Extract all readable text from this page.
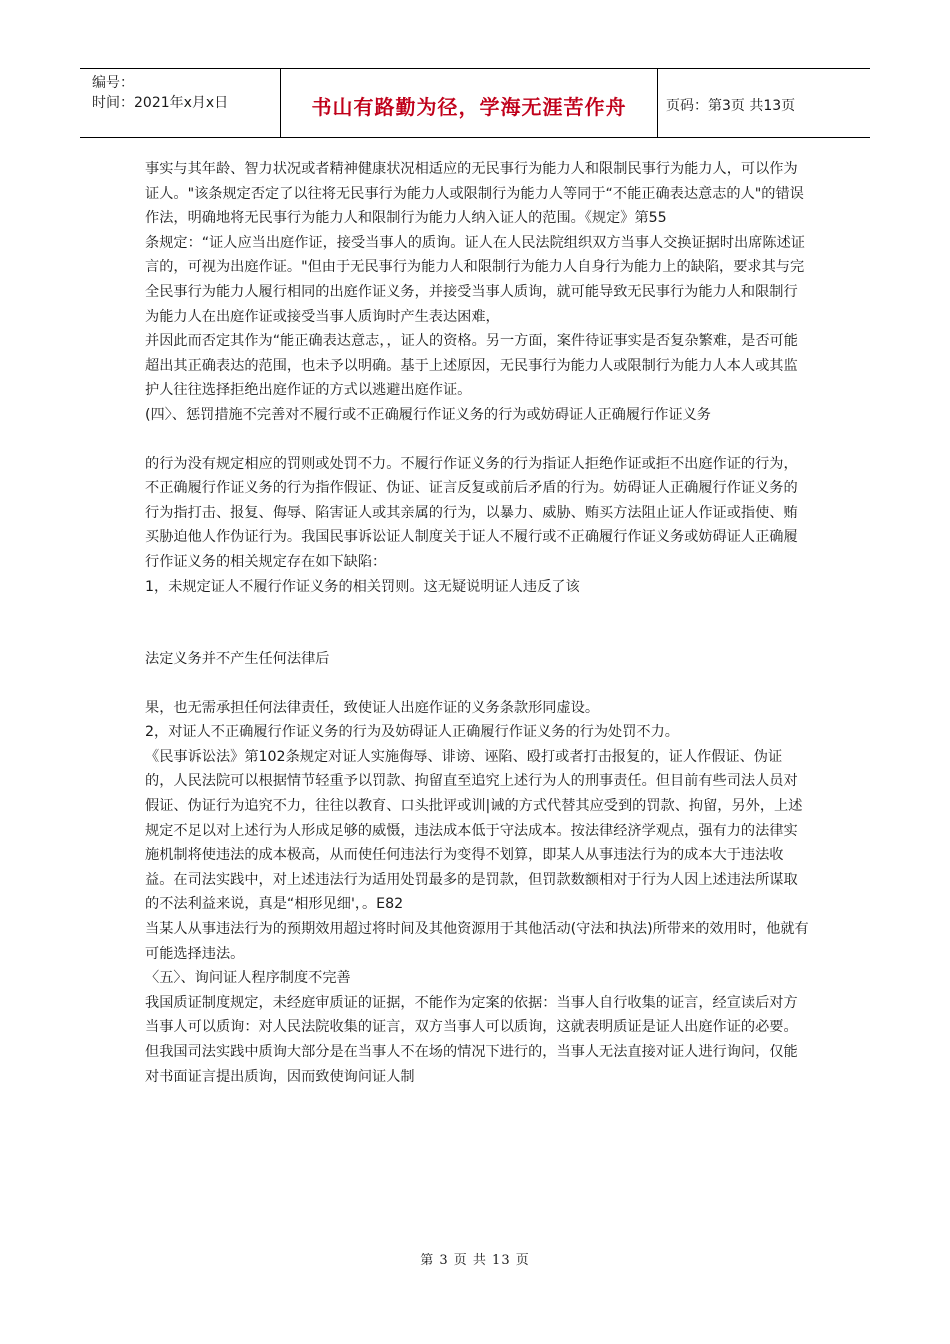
编号：
时间：2021年x月x日	书山有路勤为径，学海无涯苦作舟	页码：第3页 共13页

事实与其年龄、智力状况或者精神健康状况相适应的无民事行为能力人和限制民事行为能力人，可以作为证人。"该条规定否定了以往将无民事行为能力人或限制行为能力人等同于“不能正确表达意志的人"的错误作法，明确地将无民事行为能力人和限制行为能力人纳入证人的范围。《规定》第55

条规定：“证人应当出庭作证，接受当事人的质询。证人在人民法院组织双方当事人交换证据时出席陈述证言的，可视为出庭作证。"但由于无民事行为能力人和限制行为能力人自身行为能力上的缺陷，要求其与完全民事行为能力人履行相同的出庭作证义务，并接受当事人质询，就可能导致无民事行为能力人和限制行为能力人在出庭作证或接受当事人质询时产生表达困难，

并因此而否定其作为“能正确表达意志，，证人的资格。另一方面，案件待证事实是否复杂繁难，是否可能超出其正确表达的范围，也未予以明确。基于上述原因，无民事行为能力人或限制行为能力人本人或其监护人往往选择拒绝出庭作证的方式以逃避出庭作证。

(四〉、惩罚措施不完善对不履行或不正确履行作证义务的行为或妨碍证人正确履行作证义务

的行为没有规定相应的罚则或处罚不力。不履行作证义务的行为指证人拒绝作证或拒不出庭作证的行为，不正确履行作证义务的行为指作假证、伪证、证言反复或前后矛盾的行为。妨碍证人正确履行作证义务的行为指打击、报复、侮辱、陷害证人或其亲属的行为，以暴力、威胁、贿买方法阻止证人作证或指使、贿买胁迫他人作伪证行为。我国民事诉讼证人制度关于证人不履行或不正确履行作证义务或妨碍证人正确履行作证义务的相关规定存在如下缺陷：

1，未规定证人不履行作证义务的相关罚则。这无疑说明证人违反了该

法定义务并不产生任何法律后

果，也无需承担任何法律责任，致使证人出庭作证的义务条款形同虚设。

2，对证人不正确履行作证义务的行为及妨碍证人正确履行作证义务的行为处罚不力。

《民事诉讼法》第102条规定对证人实施侮辱、诽谤、诬陷、殴打或者打击报复的，证人作假证、伪证的，人民法院可以根据情节轻重予以罚款、拘留直至追究上述行为人的刑事责任。但目前有些司法人员对假证、伪证行为追究不力，往往以教育、口头批评或训|诫的方式代替其应受到的罚款、拘留，另外，上述规定不足以对上述行为人形成足够的威慑，违法成本低于守法成本。按法律经济学观点，强有力的法律实施机制将使违法的成本极高，从而使任何违法行为变得不划算，即某人从事违法行为的成本大于违法收益。在司法实践中，对上述违法行为适用处罚最多的是罚款，但罚款数额相对于行为人因上述违法所谋取的不法利益来说，真是“相形见细'，。E82

当某人从事违法行为的预期效用超过将时间及其他资源用于其他活动(守法和执法)所带来的效用时，他就有可能选择违法。

〈五〉、询问证人程序制度不完善

我国质证制度规定，未经庭审质证的证据，不能作为定案的依据：当事人自行收集的证言，经宣读后对方当事人可以质询：对人民法院收集的证言，双方当事人可以质询，这就表明质证是证人出庭作证的必要。但我国司法实践中质询大部分是在当事人不在场的情况下进行的，当事人无法直接对证人进行询问，仅能对书面证言提出质询，因而致使询问证人制

第 3 页 共 13 页
